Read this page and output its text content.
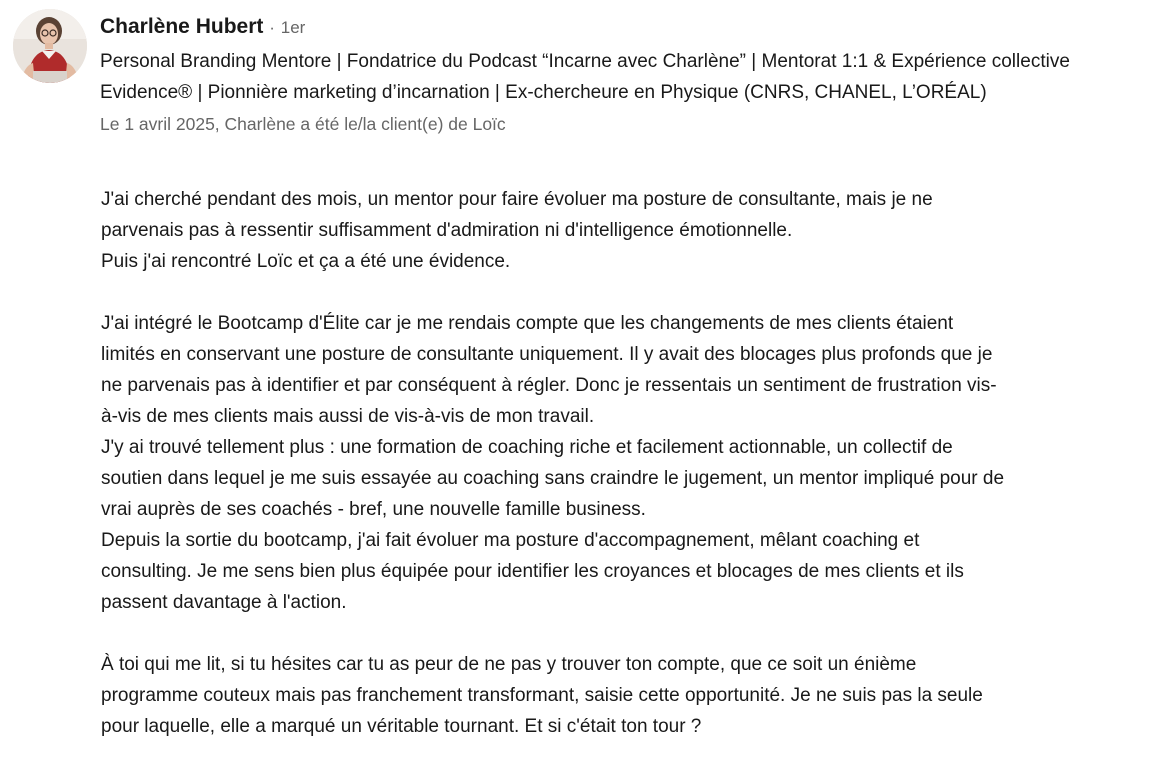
Charlène Hubert · 1er
Personal Branding Mentore | Fondatrice du Podcast “Incarne avec Charlène” | Mentorat 1:1 & Expérience collective Evidence® | Pionnière marketing d’incarnation | Ex-chercheure en Physique (CNRS, CHANEL, L’ORÉAL)
Le 1 avril 2025, Charlène a été le/la client(e) de Loïc
J'ai cherché pendant des mois, un mentor pour faire évoluer ma posture de consultante, mais je ne
parvenais pas à ressentir suffisamment d'admiration ni d'intelligence émotionnelle.
Puis j'ai rencontré Loïc et ça a été une évidence.
J'ai intégré le Bootcamp d'Élite car je me rendais compte que les changements de mes clients étaient
limités en conservant une posture de consultante uniquement. Il y avait des blocages plus profonds que je
ne parvenais pas à identifier et par conséquent à régler. Donc je ressentais un sentiment de frustration vis-
à-vis de mes clients mais aussi de vis-à-vis de mon travail.
J'y ai trouvé tellement plus : une formation de coaching riche et facilement actionnable, un collectif de
soutien dans lequel je me suis essayée au coaching sans craindre le jugement, un mentor impliqué pour de
vrai auprès de ses coachés - bref, une nouvelle famille business.
Depuis la sortie du bootcamp, j'ai fait évoluer ma posture d'accompagnement, mêlant coaching et
consulting. Je me sens bien plus équipée pour identifier les croyances et blocages de mes clients et ils
passent davantage à l'action.
À toi qui me lit, si tu hésites car tu as peur de ne pas y trouver ton compte, que ce soit un énième
programme couteux mais pas franchement transformant, saisie cette opportunité. Je ne suis pas la seule
pour laquelle, elle a marqué un véritable tournant. Et si c'était ton tour ?
